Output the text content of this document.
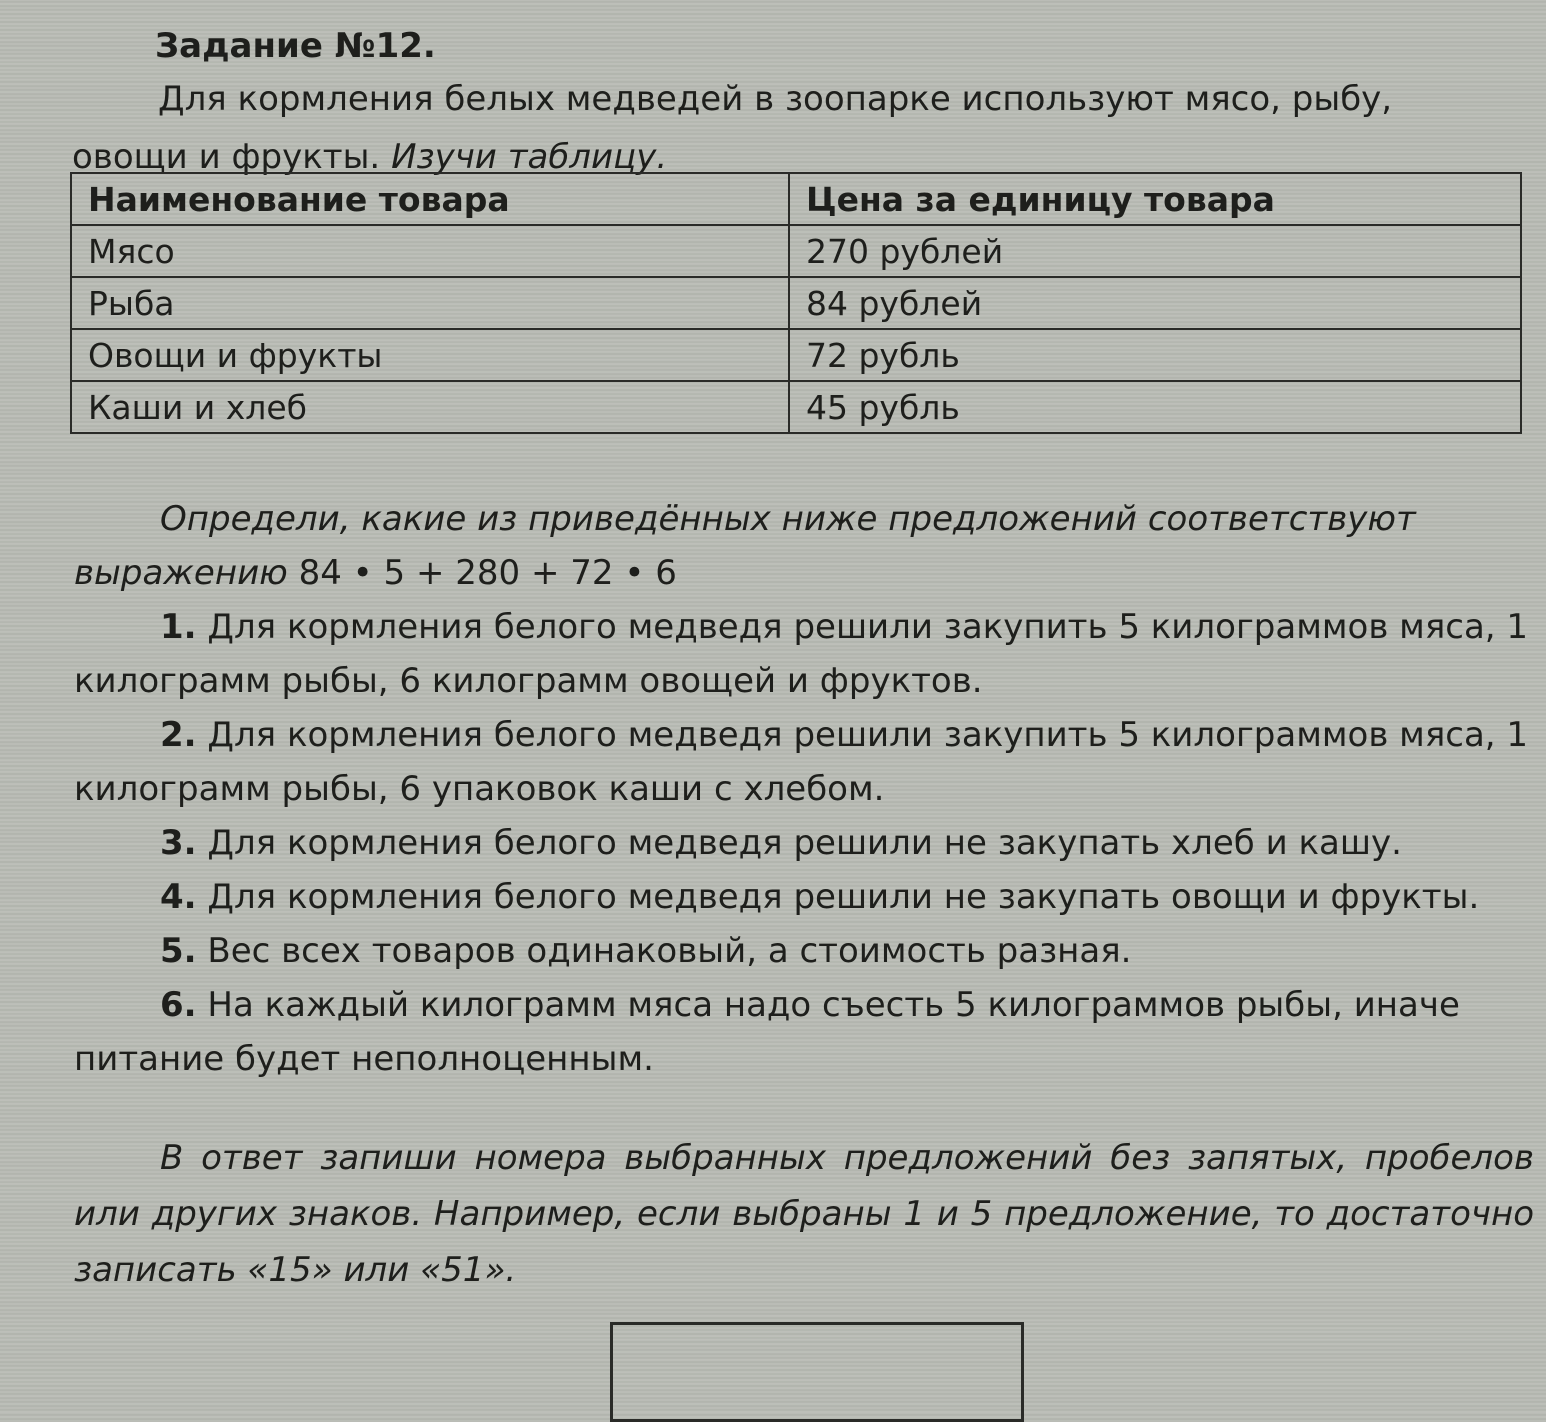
Задание №12.
Для кормления белых медведей в зоопарке используют мясо, рыбу,
овощи и фрукты. Изучи таблицу.
Наименование товара	Цена за единицу товара
Мясо	270 рублей
Рыба	84 рублей
Овощи и фрукты	72 рубль
Каши и хлеб	45 рубль
Определи, какие из приведённых ниже предложений соответствуют
выражению 84 • 5 + 280 + 72 • 6

1. Для кормления белого медведя решили закупить 5 килограммов мяса, 1 килограмм рыбы, 6 килограмм овощей и фруктов.

2. Для кормления белого медведя решили закупить 5 килограммов мяса, 1 килограмм рыбы, 6 упаковок каши с хлебом.

3. Для кормления белого медведя решили не закупать хлеб и кашу.

4. Для кормления белого медведя решили не закупать овощи и фрукты.

5. Вес всех товаров одинаковый, а стоимость разная.

6. На каждый килограмм мяса надо съесть 5 килограммов рыбы, иначе питание будет неполноценным.

В ответ запиши номера выбранных предложений без запятых, пробелов или других знаков. Например, если выбраны 1 и 5 предложение, то достаточно записать «15» или «51».
